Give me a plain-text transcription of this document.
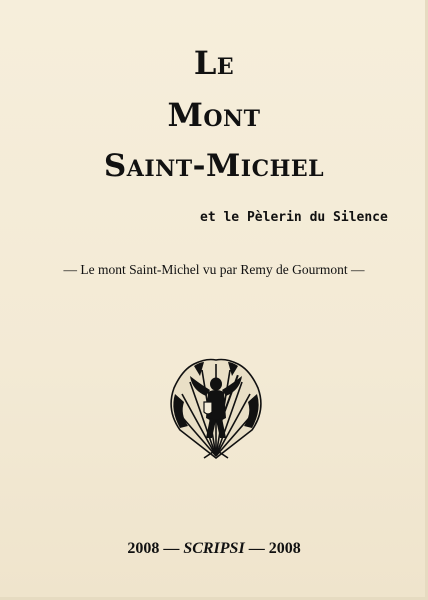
Le
Mont
Saint-Michel
et le Pèlerin du Silence
— Le mont Saint-Michel vu par Remy de Gourmont —
2008 — SCRIPSI — 2008
